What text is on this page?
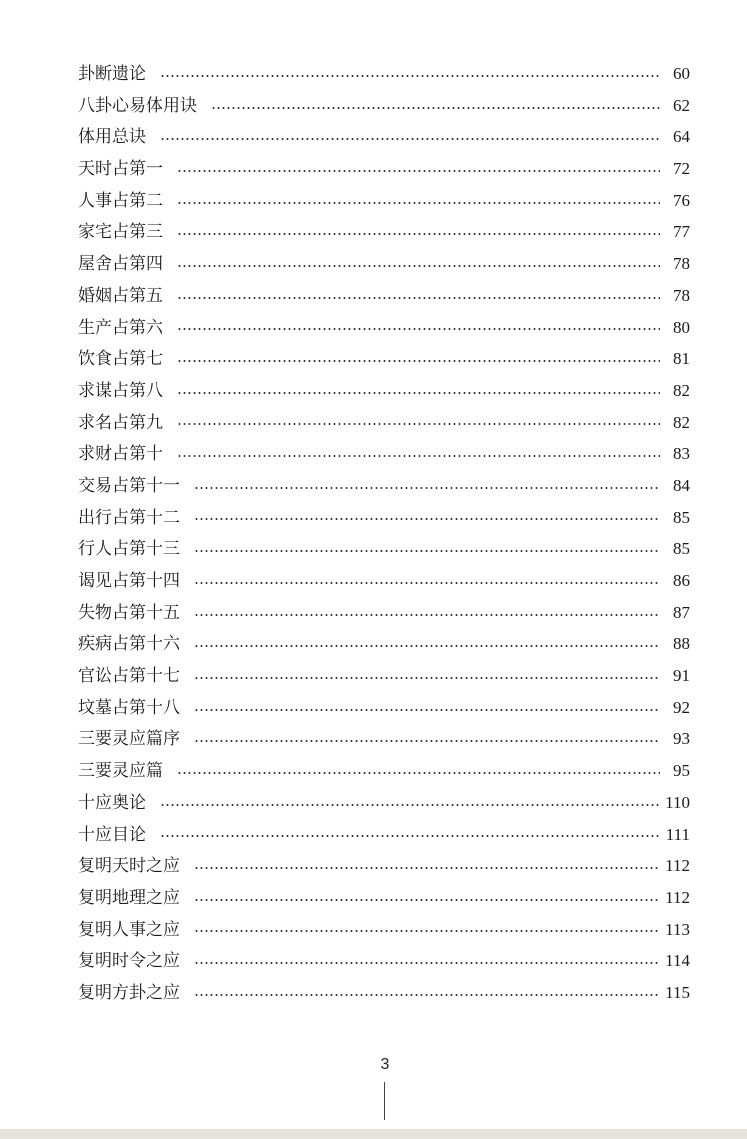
卦断遗论	60
八卦心易体用诀	62
体用总诀	64
天时占第一	72
人事占第二	76
家宅占第三	77
屋舍占第四	78
婚姻占第五	78
生产占第六	80
饮食占第七	81
求谋占第八	82
求名占第九	82
求财占第十	83
交易占第十一	84
出行占第十二	85
行人占第十三	85
谒见占第十四	86
失物占第十五	87
疾病占第十六	88
官讼占第十七	91
坟墓占第十八	92
三要灵应篇序	93
三要灵应篇	95
十应奥论	110
十应目论	111
复明天时之应	112
复明地理之应	112
复明人事之应	113
复明时令之应	114
复明方卦之应	115
3
